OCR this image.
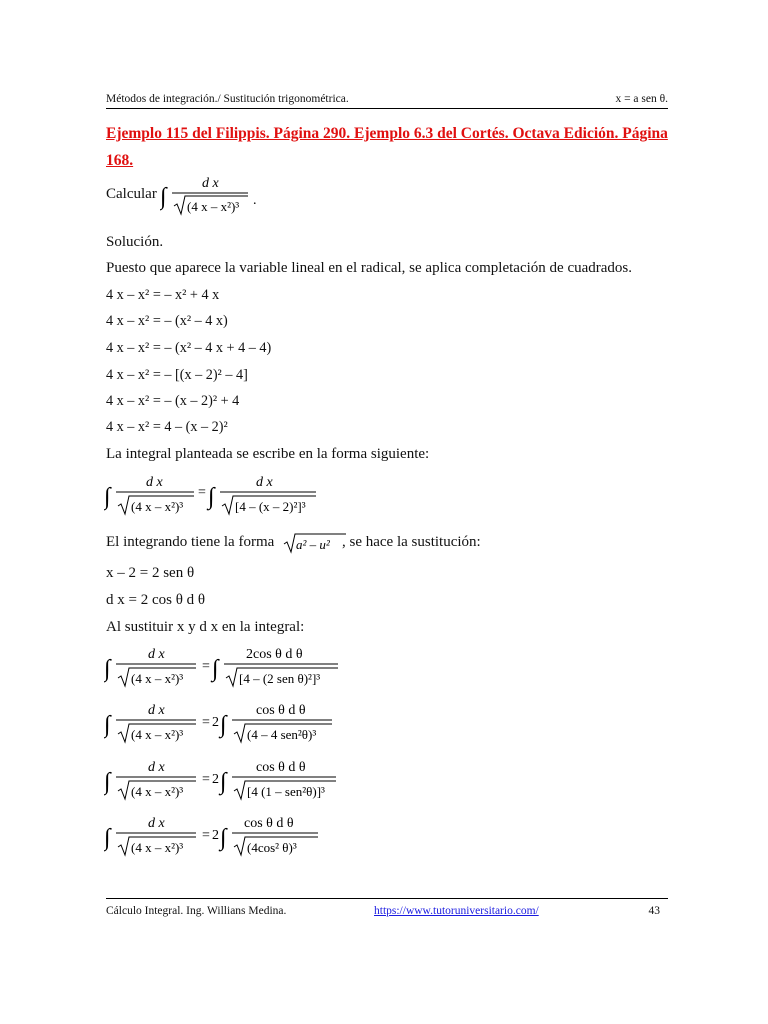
Métodos de integración./ Sustitución trigonométrica.	x = a sen θ.
Ejemplo 115 del Filippis. Página 290. Ejemplo 6.3 del Cortés. Octava Edición. Página 168.
Calcular ∫
d x
(4 x – x²)³ .
Solución.
Puesto que aparece la variable lineal en el radical, se aplica completación de cuadrados.
4 x – x² = – x² + 4 x
4 x – x² = – (x² – 4 x)
4 x – x² = – (x² – 4 x + 4 – 4)
4 x – x² = – [(x – 2)² – 4]
4 x – x² = – (x – 2)² + 4
4 x – x² = 4 – (x – 2)²
La integral planteada se escribe en la forma siguiente:
∫
d x
(4 x – x²)³
= ∫
d x
[4 – (x – 2)²]³
El integrando tiene la forma a² – u² , se hace la sustitución:
x – 2 = 2 sen θ
d x = 2 cos θ d θ
Al sustituir x y d x en la integral:
∫
d x
(4 x – x²)³
= ∫
2cos θ d θ
[4 – (2 sen θ)²]³
∫
d x
(4 x – x²)³
= 2 ∫
cos θ d θ
(4 – 4 sen²θ)³
∫
d x
(4 x – x²)³
= 2 ∫
cos θ d θ
[4 (1 – sen²θ)]³
∫
d x
(4 x – x²)³
= 2 ∫
cos θ d θ
(4cos² θ)³
Cálculo Integral. Ing. Willians Medina.	https://www.tutoruniversitario.com/	43
